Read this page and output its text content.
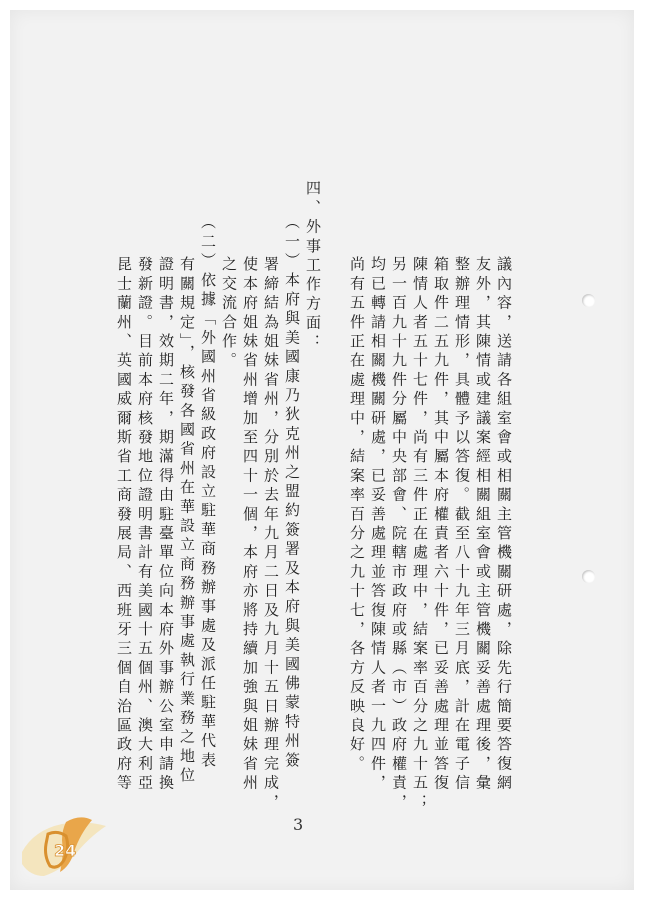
議內容，送請各組室會或相關主管機關研處，除先行簡要答復網
友外，其陳情或建議案經相關組室會或主管機關妥善處理後，彙
整辦理情形，具體予以答復。截至八十九年三月底，計在電子信
箱取件二五九件，其中屬本府權責者六十件，已妥善處理並答復
陳情人者五十七件，尚有三件正在處理中，結案率百分之九十五；
另一百九十九件分屬中央部會、院轄市政府或縣（市）政府權責，
均已轉請相關機關研處，已妥善處理並答復陳情人者一九四件，
尚有五件正在處理中，結案率百分之九十七，各方反映良好。
四、外事工作方面：
（一）本府與美國康乃狄克州之盟約簽署及本府與美國佛蒙特州簽
署締結為姐妹省州，分別於去年九月二日及九月十五日辦理完成，
使本府姐妹省州增加至四十一個，本府亦將持續加強與姐妹省州
之交流合作。
（二）依據「外國州省級政府設立駐華商務辦事處及派任駐華代表
有關規定」，核發各國省州在華設立商務辦事處執行業務之地位
證明書，效期二年，期滿得由駐臺單位向本府外事辦公室申請換
發新證。目前本府核發地位證明書計有美國十五個州、澳大利亞
昆士蘭州、英國威爾斯省工商發展局、西班牙三個自治區政府等
3
24
